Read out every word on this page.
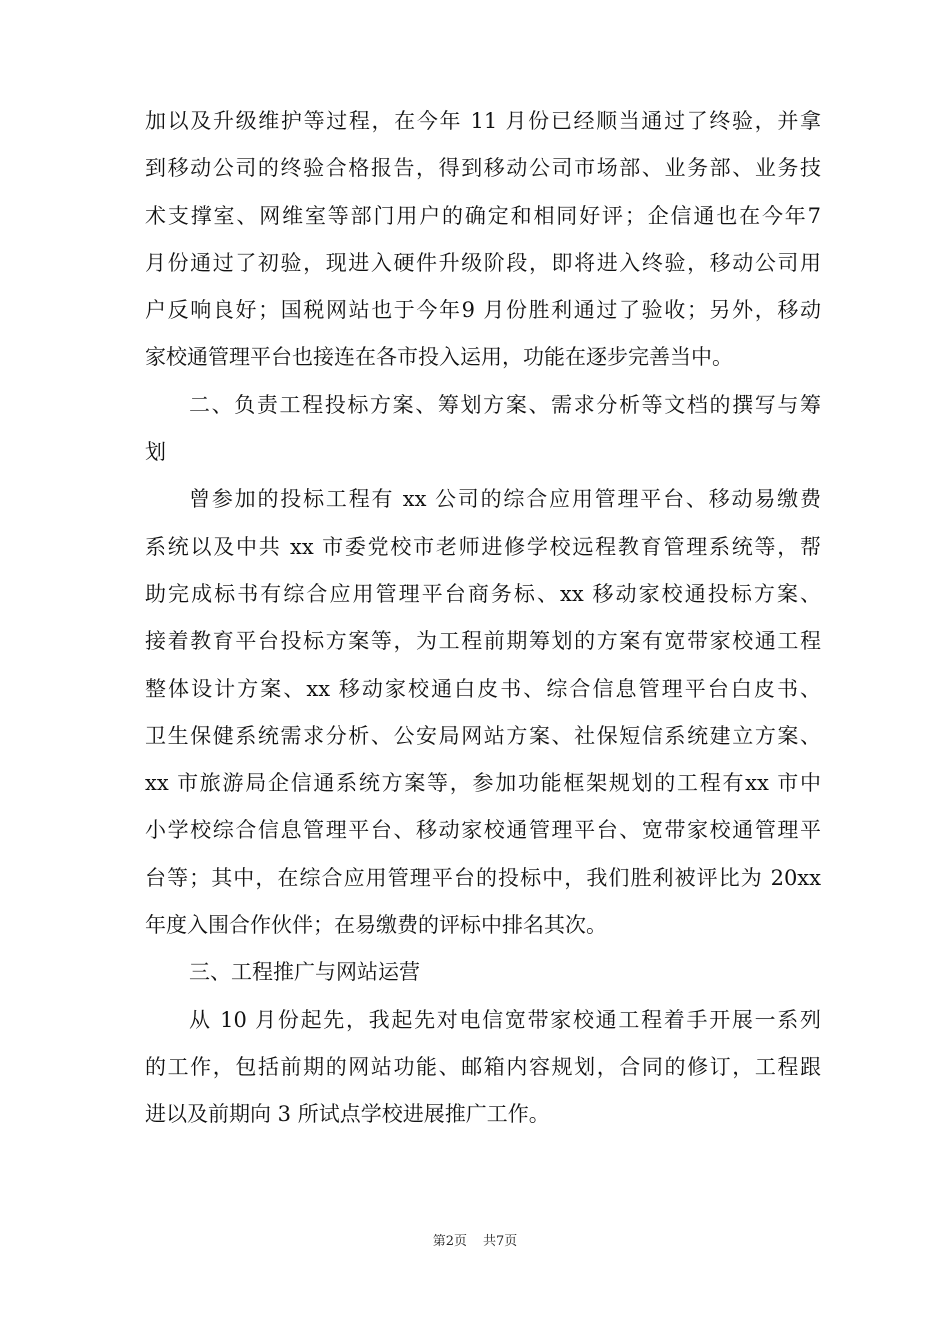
加以及升级维护等过程，在今年 11 月份已经顺当通过了终验，并拿
到移动公司的终验合格报告，得到移动公司市场部、业务部、业务技
术支撑室、网维室等部门用户的确定和相同好评；企信通也在今年7
月份通过了初验，现进入硬件升级阶段，即将进入终验，移动公司用
户反响良好；国税网站也于今年9 月份胜利通过了验收；另外，移动
家校通管理平台也接连在各市投入运用，功能在逐步完善当中。
二、负责工程投标方案、筹划方案、需求分析等文档的撰写与筹
划
曾参加的投标工程有 xx 公司的综合应用管理平台、移动易缴费
系统以及中共 xx 市委党校市老师进修学校远程教育管理系统等，帮
助完成标书有综合应用管理平台商务标、xx 移动家校通投标方案、
接着教育平台投标方案等，为工程前期筹划的方案有宽带家校通工程
整体设计方案、xx 移动家校通白皮书、综合信息管理平台白皮书、
卫生保健系统需求分析、公安局网站方案、社保短信系统建立方案、
xx 市旅游局企信通系统方案等，参加功能框架规划的工程有xx 市中
小学校综合信息管理平台、移动家校通管理平台、宽带家校通管理平
台等；其中，在综合应用管理平台的投标中，我们胜利被评比为 20xx
年度入围合作伙伴；在易缴费的评标中排名其次。
三、工程推广与网站运营
从 10 月份起先，我起先对电信宽带家校通工程着手开展一系列
的工作，包括前期的网站功能、邮箱内容规划，合同的修订，工程跟
进以及前期向 3 所试点学校进展推广工作。
第2页 共7页
